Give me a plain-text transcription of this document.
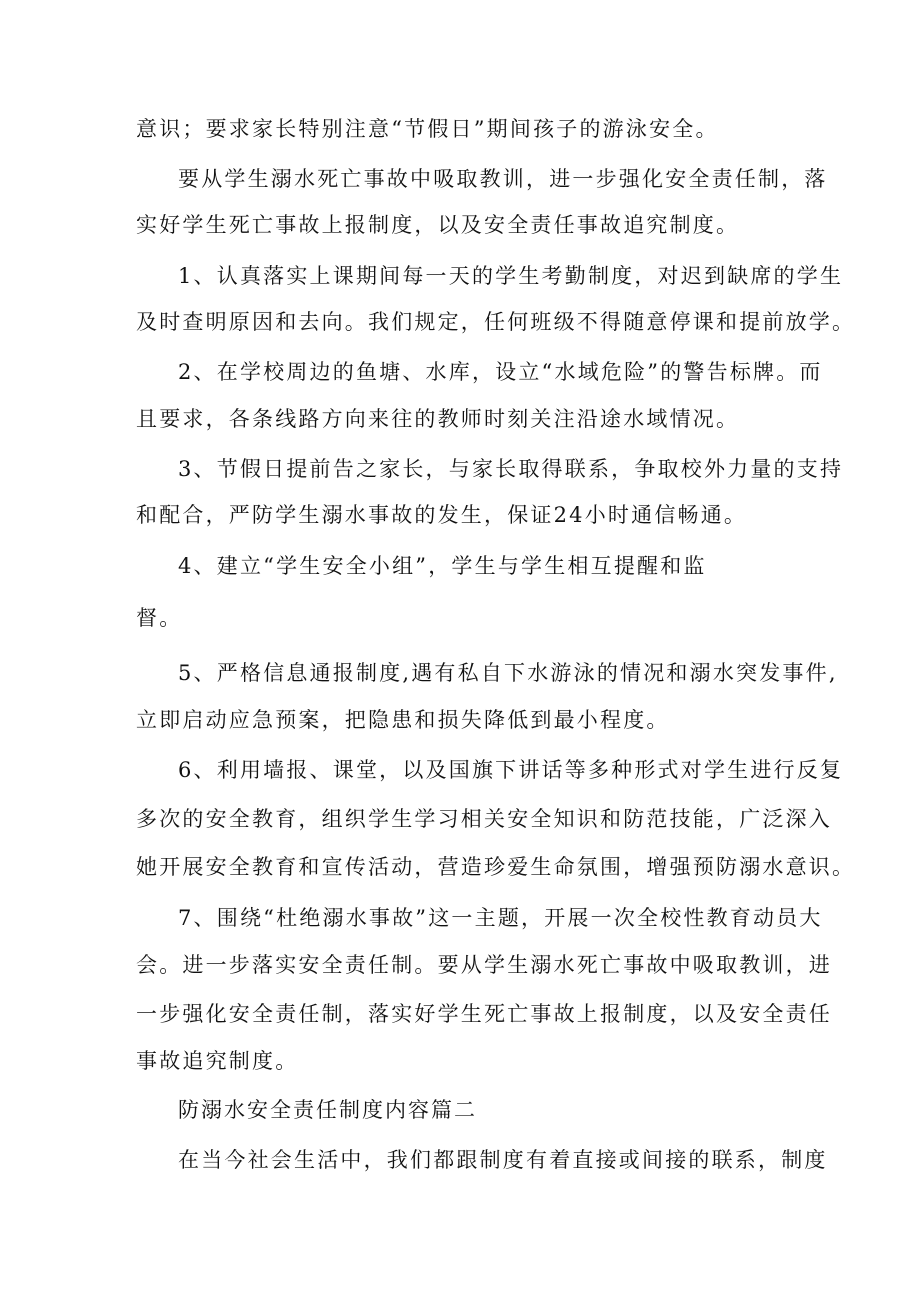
意识；要求家长特别注意“节假日”期间孩子的游泳安全。
要从学生溺水死亡事故中吸取教训，进一步强化安全责任制，落
实好学生死亡事故上报制度，以及安全责任事故追究制度。
1、认真落实上课期间每一天的学生考勤制度，对迟到缺席的学生
及时查明原因和去向。我们规定，任何班级不得随意停课和提前放学。
2、在学校周边的鱼塘、水库，设立“水域危险”的警告标牌。而
且要求，各条线路方向来往的教师时刻关注沿途水域情况。
3、节假日提前告之家长，与家长取得联系，争取校外力量的支持
和配合，严防学生溺水事故的发生，保证24小时通信畅通。
4、建立“学生安全小组”，学生与学生相互提醒和监
督。
5、严格信息通报制度,遇有私自下水游泳的情况和溺水突发事件,
立即启动应急预案，把隐患和损失降低到最小程度。
6、利用墙报、课堂，以及国旗下讲话等多种形式对学生进行反复
多次的安全教育，组织学生学习相关安全知识和防范技能，广泛深入
她开展安全教育和宣传活动，营造珍爱生命氛围，增强预防溺水意识。
7、围绕“杜绝溺水事故”这一主题，开展一次全校性教育动员大
会。进一步落实安全责任制。要从学生溺水死亡事故中吸取教训，进
一步强化安全责任制，落实好学生死亡事故上报制度，以及安全责任
事故追究制度。
防溺水安全责任制度内容篇二
在当今社会生活中，我们都跟制度有着直接或间接的联系，制度
